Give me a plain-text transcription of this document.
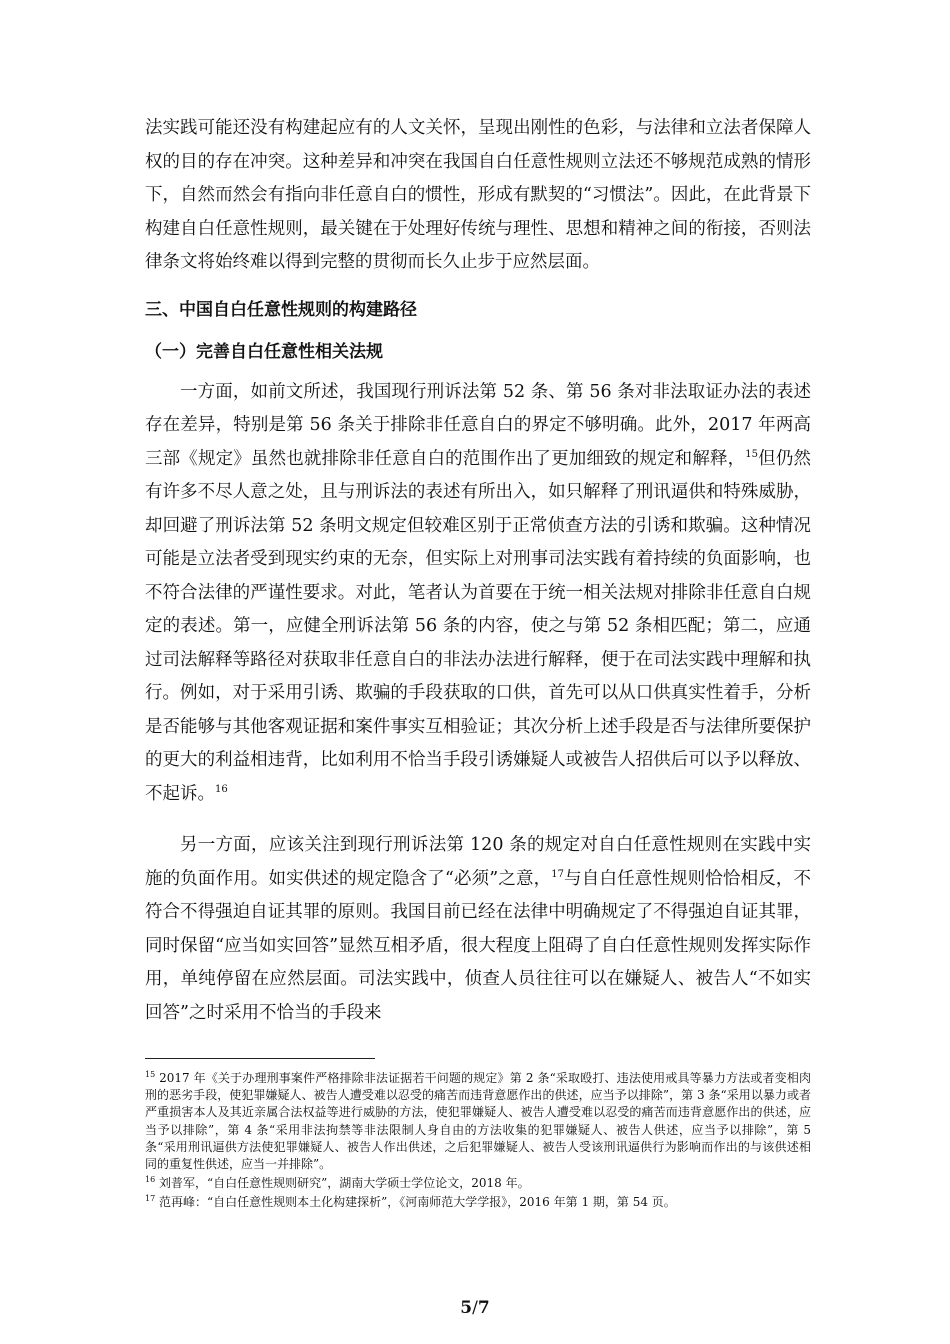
法实践可能还没有构建起应有的人文关怀，呈现出刚性的色彩，与法律和立法者保障人权的目的存在冲突。这种差异和冲突在我国自白任意性规则立法还不够规范成熟的情形下，自然而然会有指向非任意自白的惯性，形成有默契的“习惯法”。因此，在此背景下构建自白任意性规则，最关键在于处理好传统与理性、思想和精神之间的衔接，否则法律条文将始终难以得到完整的贯彻而长久止步于应然层面。

三、中国自白任意性规则的构建路径

（一）完善自白任意性相关法规

一方面，如前文所述，我国现行刑诉法第 52 条、第 56 条对非法取证办法的表述存在差异，特别是第 56 条关于排除非任意自白的界定不够明确。此外，2017 年两高三部《规定》虽然也就排除非任意自白的范围作出了更加细致的规定和解释，$^{15}$但仍然有许多不尽人意之处，且与刑诉法的表述有所出入，如只解释了刑讯逼供和特殊威胁，却回避了刑诉法第 52 条明文规定但较难区别于正常侦查方法的引诱和欺骗。这种情况可能是立法者受到现实约束的无奈，但实际上对刑事司法实践有着持续的负面影响，也不符合法律的严谨性要求。对此，笔者认为首要在于统一相关法规对排除非任意自白规定的表述。第一，应健全刑诉法第 56 条的内容，使之与第 52 条相匹配；第二，应通过司法解释等路径对获取非任意自白的非法办法进行解释，便于在司法实践中理解和执行。例如，对于采用引诱、欺骗的手段获取的口供，首先可以从口供真实性着手，分析是否能够与其他客观证据和案件事实互相验证；其次分析上述手段是否与法律所要保护的更大的利益相违背，比如利用不恰当手段引诱嫌疑人或被告人招供后可以予以释放、不起诉。$^{16}$

另一方面，应该关注到现行刑诉法第 120 条的规定对自白任意性规则在实践中实施的负面作用。如实供述的规定隐含了“必须”之意，$^{17}$与自白任意性规则恰恰相反，不符合不得强迫自证其罪的原则。我国目前已经在法律中明确规定了不得强迫自证其罪，同时保留“应当如实回答”显然互相矛盾，很大程度上阻碍了自白任意性规则发挥实际作用，单纯停留在应然层面。司法实践中，侦查人员往往可以在嫌疑人、被告人“不如实回答”之时采用不恰当的手段来

$^{15}$ 2017 年《关于办理刑事案件严格排除非法证据若干问题的规定》第 2 条“采取殴打、违法使用戒具等暴力方法或者变相肉刑的恶劣手段，使犯罪嫌疑人、被告人遭受难以忍受的痛苦而违背意愿作出的供述，应当予以排除”，第 3 条“采用以暴力或者严重损害本人及其近亲属合法权益等进行威胁的方法，使犯罪嫌疑人、被告人遭受难以忍受的痛苦而违背意愿作出的供述，应当予以排除”，第 4 条“采用非法拘禁等非法限制人身自由的方法收集的犯罪嫌疑人、被告人供述，应当予以排除”，第 5 条“采用刑讯逼供方法使犯罪嫌疑人、被告人作出供述，之后犯罪嫌疑人、被告人受该刑讯逼供行为影响而作出的与该供述相同的重复性供述，应当一并排除”。

$^{16}$ 刘普军，“自白任意性规则研究”，湖南大学硕士学位论文，2018 年。

$^{17}$ 范再峰：“自白任意性规则本土化构建探析”，《河南师范大学学报》，2016 年第 1 期，第 54 页。

5/7
